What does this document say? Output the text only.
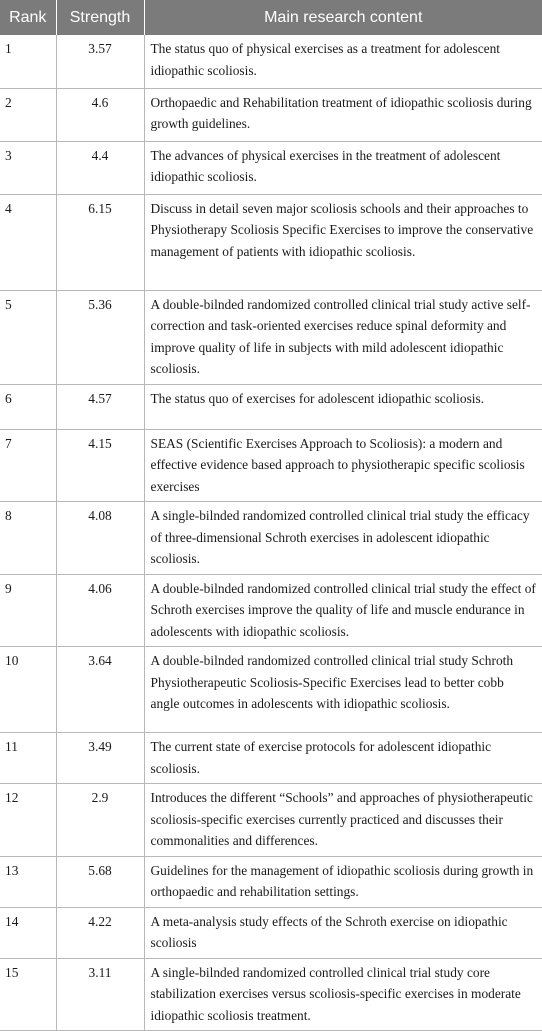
Rank	Strength	Main research content
1	3.57	The status quo of physical exercises as a treatment for adolescent idiopathic scoliosis.
2	4.6	Orthopaedic and Rehabilitation treatment of idiopathic scoliosis during growth guidelines.
3	4.4	The advances of physical exercises in the treatment of adolescent idiopathic scoliosis.
4	6.15	Discuss in detail seven major scoliosis schools and their approaches to Physiotherapy Scoliosis Specific Exercises to improve the conservative management of patients with idiopathic scoliosis.
5	5.36	A double-bilnded randomized controlled clinical trial study active self-correction and task-oriented exercises reduce spinal deformity and improve quality of life in subjects with mild adolescent idiopathic scoliosis.
6	4.57	The status quo of exercises for adolescent idiopathic scoliosis.
7	4.15	SEAS (Scientific Exercises Approach to Scoliosis): a modern and effective evidence based approach to physiotherapic specific scoliosis exercises
8	4.08	A single-bilnded randomized controlled clinical trial study the efficacy of three-dimensional Schroth exercises in adolescent idiopathic scoliosis.
9	4.06	A double-bilnded randomized controlled clinical trial study the effect of Schroth exercises improve the quality of life and muscle endurance in adolescents with idiopathic scoliosis.
10	3.64	A double-bilnded randomized controlled clinical trial study Schroth Physiotherapeutic Scoliosis-Specific Exercises lead to better cobb angle outcomes in adolescents with idiopathic scoliosis.
11	3.49	The current state of exercise protocols for adolescent idiopathic scoliosis.
12	2.9	Introduces the different “Schools” and approaches of physiotherapeutic scoliosis-specific exercises currently practiced and discusses their commonalities and differences.
13	5.68	Guidelines for the management of idiopathic scoliosis during growth in orthopaedic and rehabilitation settings.
14	4.22	A meta-analysis study effects of the Schroth exercise on idiopathic scoliosis
15	3.11	A single-bilnded randomized controlled clinical trial study core stabilization exercises versus scoliosis-specific exercises in moderate idiopathic scoliosis treatment.
